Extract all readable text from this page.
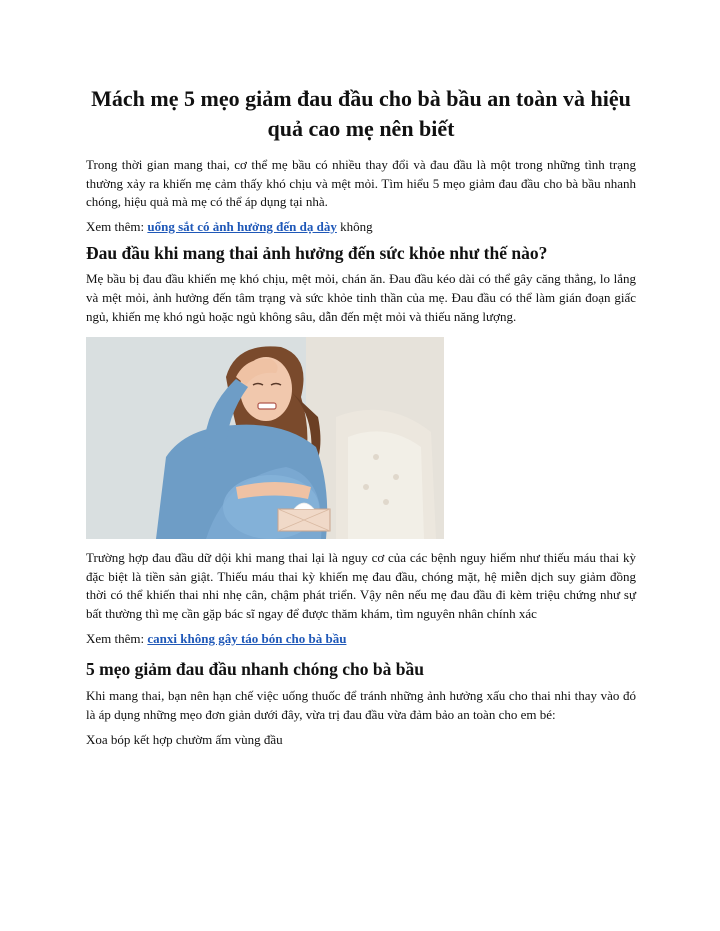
Mách mẹ 5 mẹo giảm đau đầu cho bà bầu an toàn và hiệu quả cao mẹ nên biết

Trong thời gian mang thai, cơ thể mẹ bầu có nhiều thay đổi và đau đầu là một trong những tình trạng thường xảy ra khiến mẹ cảm thấy khó chịu và mệt mỏi. Tìm hiểu 5 mẹo giảm đau đầu cho bà bầu nhanh chóng, hiệu quả mà mẹ có thể áp dụng tại nhà.

Xem thêm: uống sắt có ảnh hưởng đến dạ dày không

Đau đầu khi mang thai ảnh hưởng đến sức khỏe như thế nào?

Mẹ bầu bị đau đầu khiến mẹ khó chịu, mệt mỏi, chán ăn. Đau đầu kéo dài có thể gây căng thẳng, lo lắng và mệt mỏi, ảnh hưởng đến tâm trạng và sức khỏe tinh thần của mẹ. Đau đầu có thể làm gián đoạn giấc ngủ, khiến mẹ khó ngủ hoặc ngủ không sâu, dẫn đến mệt mỏi và thiếu năng lượng.

Trường hợp đau đầu dữ dội khi mang thai lại là nguy cơ của các bệnh nguy hiểm như thiếu máu thai kỳ đặc biệt là tiền sản giật. Thiếu máu thai kỳ khiến mẹ đau đầu, chóng mặt, hệ miễn dịch suy giảm đồng thời có thể khiến thai nhi nhẹ cân, chậm phát triển. Vậy nên nếu mẹ đau đầu đi kèm triệu chứng như sự bất thường thì mẹ cần gặp bác sĩ ngay để được thăm khám, tìm nguyên nhân chính xác

Xem thêm: canxi không gây táo bón cho bà bầu

5 mẹo giảm đau đầu nhanh chóng cho bà bầu

Khi mang thai, bạn nên hạn chế việc uống thuốc để tránh những ảnh hưởng xấu cho thai nhi thay vào đó là áp dụng những mẹo đơn giản dưới đây, vừa trị đau đầu vừa đảm bảo an toàn cho em bé:

Xoa bóp kết hợp chườm ấm vùng đầu
